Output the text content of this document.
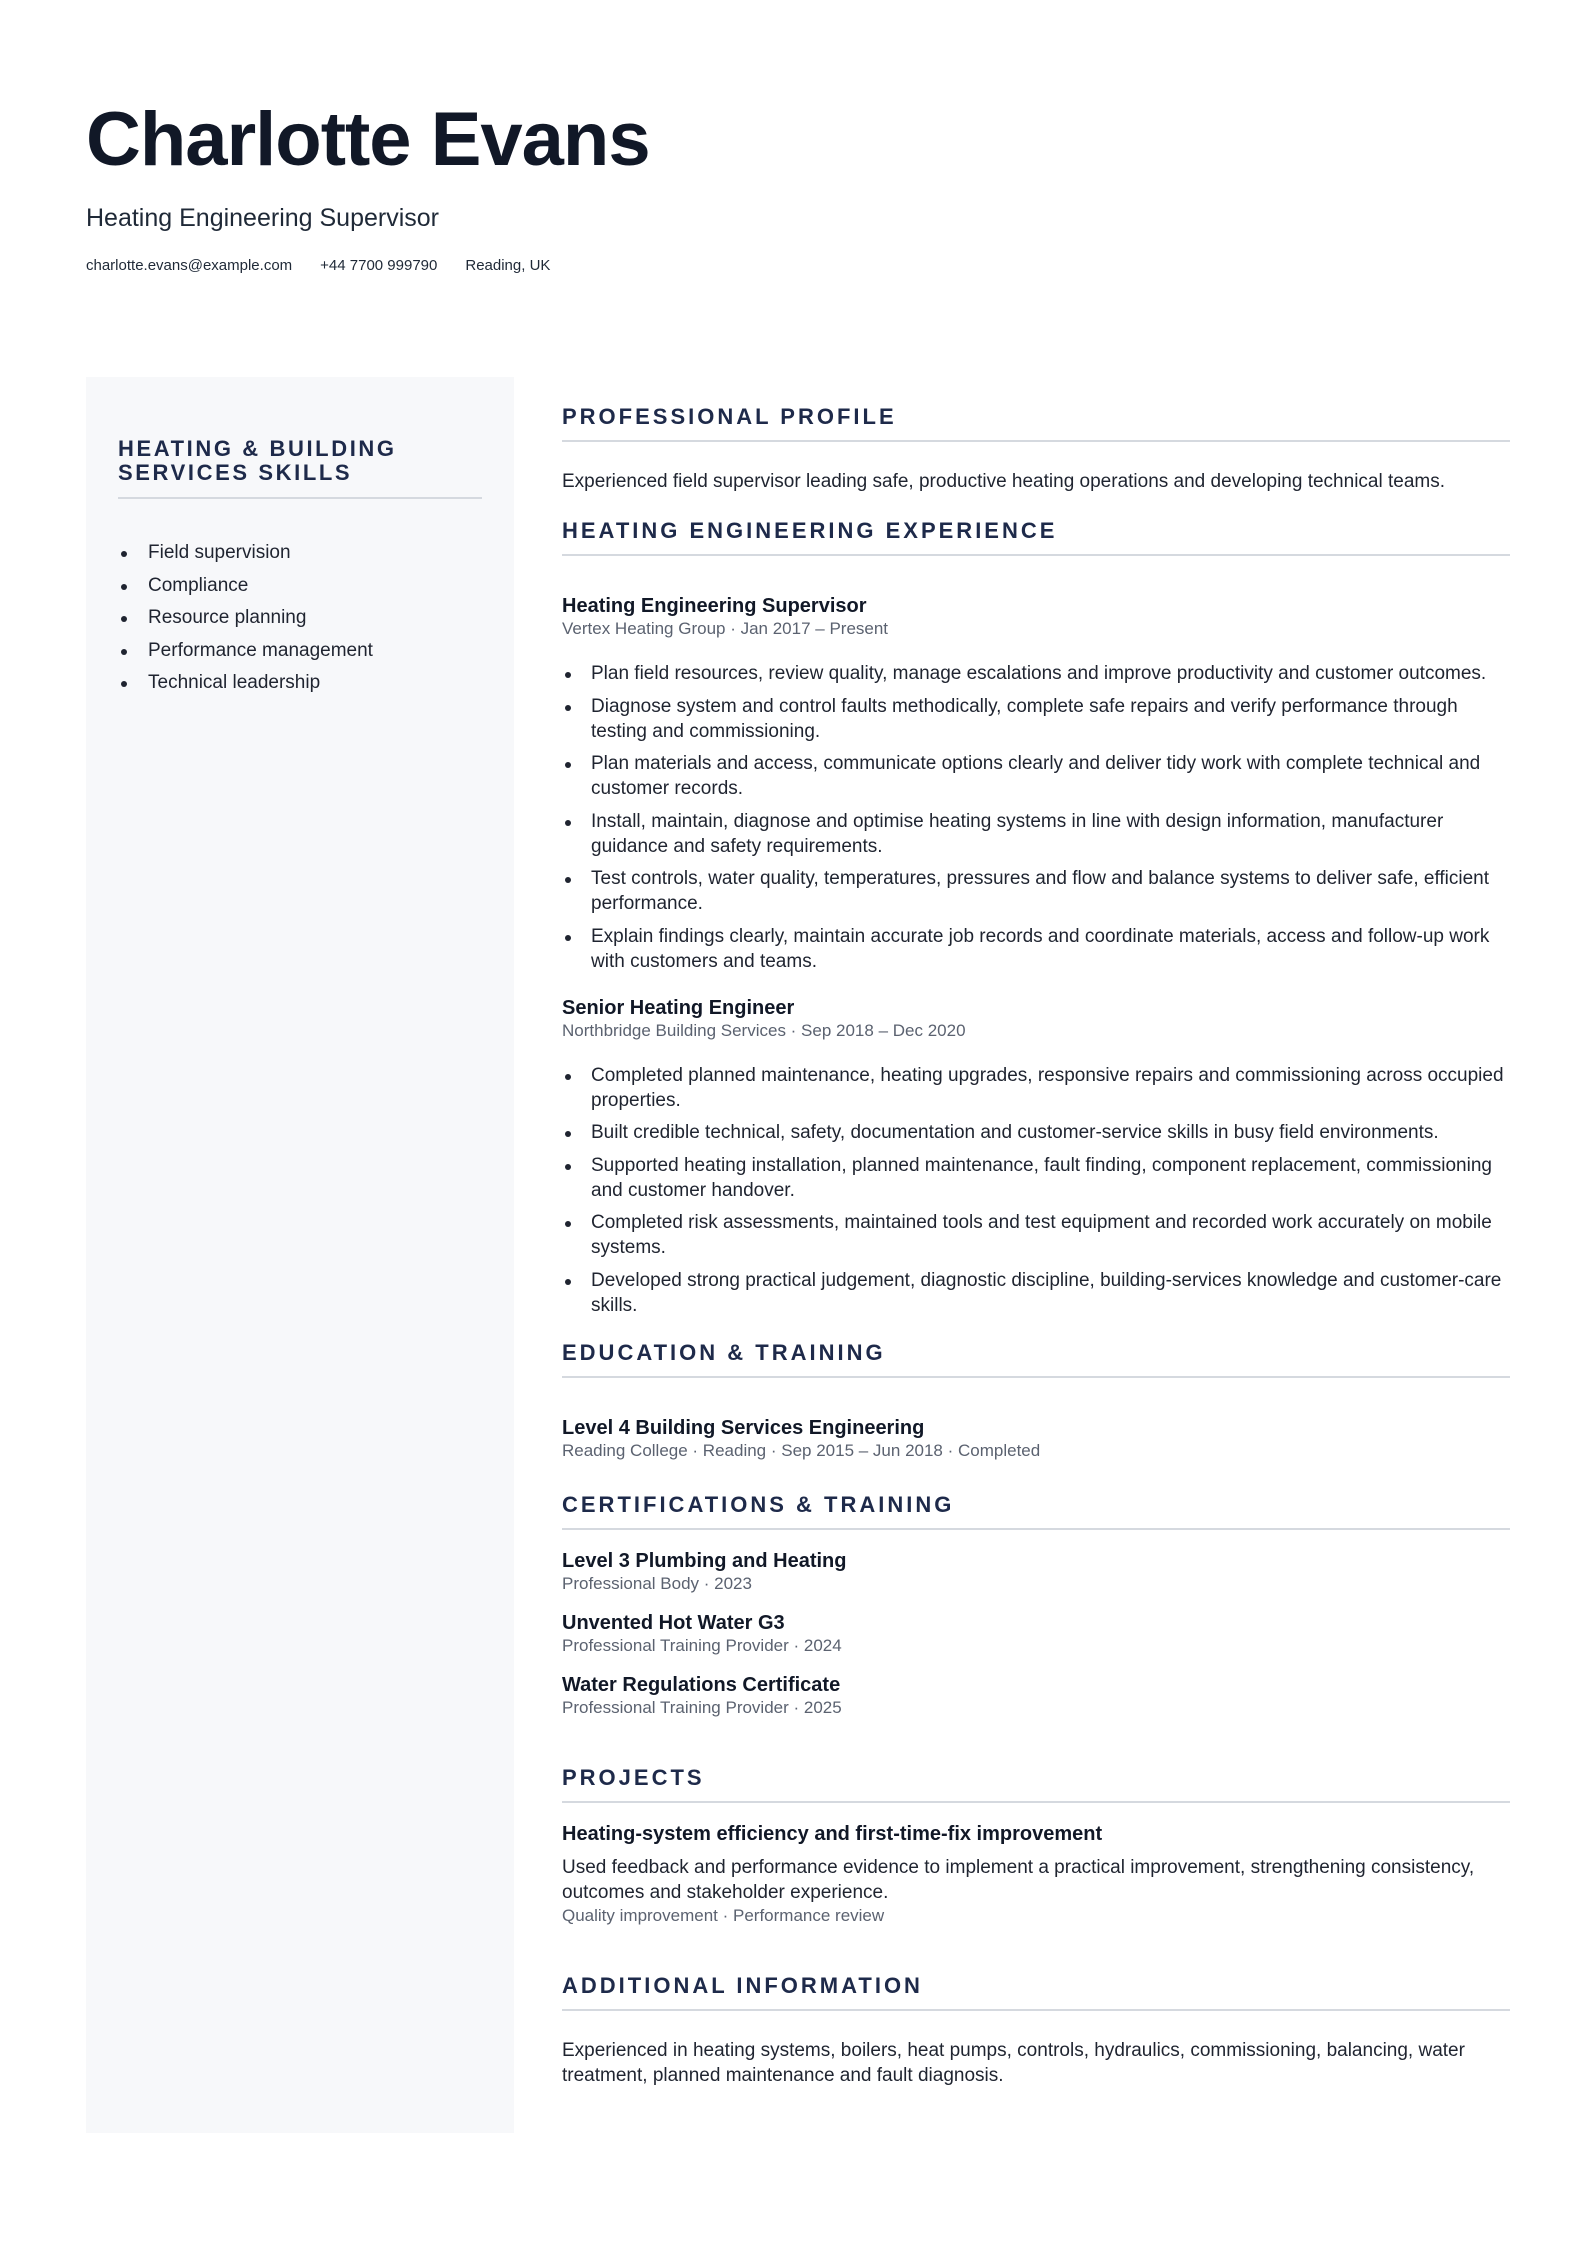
Charlotte Evans
Heating Engineering Supervisor
charlotte.evans@example.com +44 7700 999790 Reading, UK
HEATING & BUILDING SERVICES SKILLS
Field supervision
Compliance
Resource planning
Performance management
Technical leadership
PROFESSIONAL PROFILE
Experienced field supervisor leading safe, productive heating operations and developing technical teams.
HEATING ENGINEERING EXPERIENCE
Heating Engineering Supervisor
Vertex Heating Group · Jan 2017 – Present
Plan field resources, review quality, manage escalations and improve productivity and customer outcomes.
Diagnose system and control faults methodically, complete safe repairs and verify performance through testing and commissioning.
Plan materials and access, communicate options clearly and deliver tidy work with complete technical and customer records.
Install, maintain, diagnose and optimise heating systems in line with design information, manufacturer guidance and safety requirements.
Test controls, water quality, temperatures, pressures and flow and balance systems to deliver safe, efficient performance.
Explain findings clearly, maintain accurate job records and coordinate materials, access and follow-up work with customers and teams.
Senior Heating Engineer
Northbridge Building Services · Sep 2018 – Dec 2020
Completed planned maintenance, heating upgrades, responsive repairs and commissioning across occupied properties.
Built credible technical, safety, documentation and customer-service skills in busy field environments.
Supported heating installation, planned maintenance, fault finding, component replacement, commissioning and customer handover.
Completed risk assessments, maintained tools and test equipment and recorded work accurately on mobile systems.
Developed strong practical judgement, diagnostic discipline, building-services knowledge and customer-care skills.
EDUCATION & TRAINING
Level 4 Building Services Engineering
Reading College · Reading · Sep 2015 – Jun 2018 · Completed
CERTIFICATIONS & TRAINING
Level 3 Plumbing and Heating
Professional Body · 2023
Unvented Hot Water G3
Professional Training Provider · 2024
Water Regulations Certificate
Professional Training Provider · 2025
PROJECTS
Heating-system efficiency and first-time-fix improvement
Used feedback and performance evidence to implement a practical improvement, strengthening consistency, outcomes and stakeholder experience.
Quality improvement · Performance review
ADDITIONAL INFORMATION
Experienced in heating systems, boilers, heat pumps, controls, hydraulics, commissioning, balancing, water treatment, planned maintenance and fault diagnosis.
